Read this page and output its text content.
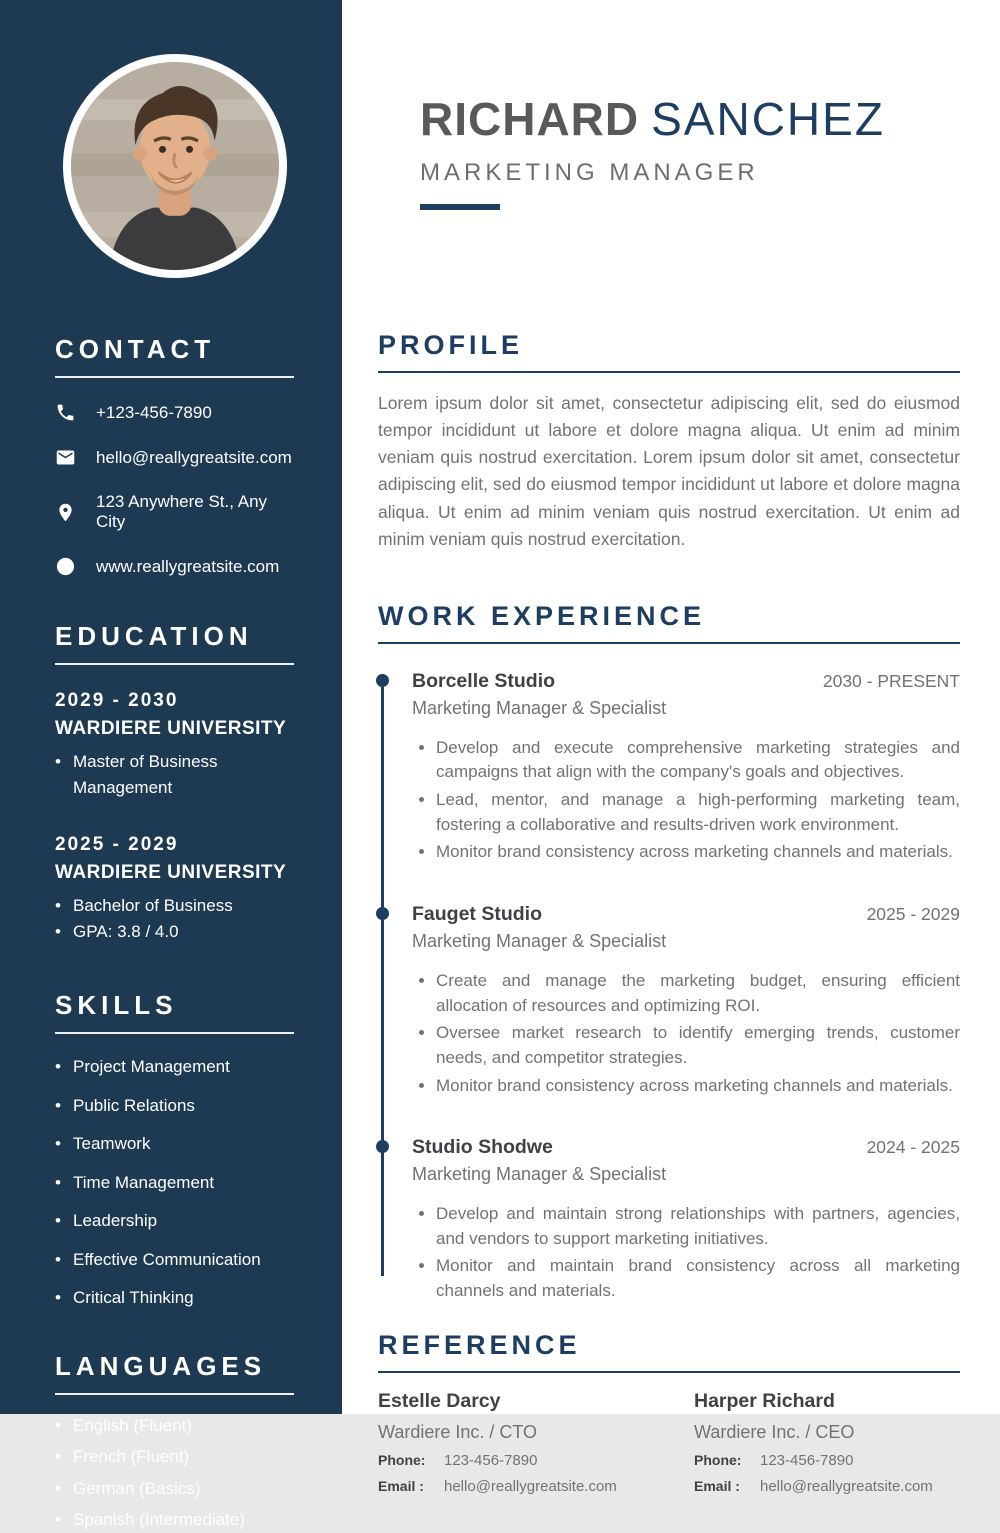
CONTACT
+123-456-7890
hello@reallygreatsite.com
123 Anywhere St., Any City
www.reallygreatsite.com
EDUCATION
2029 - 2030
WARDIERE UNIVERSITY
• Master of Business Management
2025 - 2029
WARDIERE UNIVERSITY
• Bachelor of Business
• GPA: 3.8 / 4.0
SKILLS
• Project Management
• Public Relations
• Teamwork
• Time Management
• Leadership
• Effective Communication
• Critical Thinking
LANGUAGES
• English (Fluent)
• French (Fluent)
• German (Basics)
• Spanish (Intermediate)
RICHARD SANCHEZ
MARKETING MANAGER
PROFILE

Lorem ipsum dolor sit amet, consectetur adipiscing elit, sed do eiusmod tempor incididunt ut labore et dolore magna aliqua. Ut enim ad minim veniam quis nostrud exercitation. Lorem ipsum dolor sit amet, consectetur adipiscing elit, sed do eiusmod tempor incididunt ut labore et dolore magna aliqua. Ut enim ad minim veniam quis nostrud exercitation. Ut enim ad minim veniam quis nostrud exercitation.

WORK EXPERIENCE
Borcelle Studio	2030 - PRESENT
Marketing Manager & Specialist
• Develop and execute comprehensive marketing strategies and campaigns that align with the company's goals and objectives.
• Lead, mentor, and manage a high-performing marketing team, fostering a collaborative and results-driven work environment.
• Monitor brand consistency across marketing channels and materials.
Fauget Studio	2025 - 2029
Marketing Manager & Specialist
• Create and manage the marketing budget, ensuring efficient allocation of resources and optimizing ROI.
• Oversee market research to identify emerging trends, customer needs, and competitor strategies.
• Monitor brand consistency across marketing channels and materials.
Studio Shodwe	2024 - 2025
Marketing Manager & Specialist
• Develop and maintain strong relationships with partners, agencies, and vendors to support marketing initiatives.
• Monitor and maintain brand consistency across all marketing channels and materials.
REFERENCE
Estelle Darcy
Wardiere Inc. / CTO
Phone:	123-456-7890
Email :	hello@reallygreatsite.com
Harper Richard
Wardiere Inc. / CEO
Phone:	123-456-7890
Email :	hello@reallygreatsite.com
